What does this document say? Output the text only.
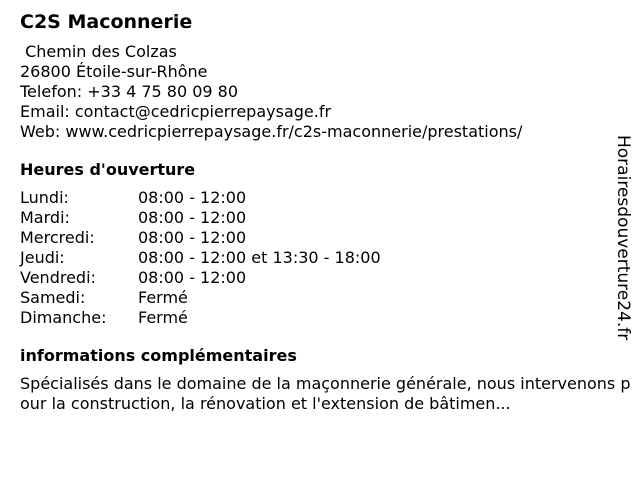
C2S Maconnerie
Chemin des Colzas
26800 Étoile-sur-Rhône
Telefon: +33 4 75 80 09 80
Email: contact@cedricpierrepaysage.fr
Web: www.cedricpierrepaysage.fr/c2s-maconnerie/prestations/
Heures d'ouverture
Lundi:	08:00 - 12:00
Mardi:	08:00 - 12:00
Mercredi:	08:00 - 12:00
Jeudi:	08:00 - 12:00 et 13:30 - 18:00
Vendredi:	08:00 - 12:00
Samedi:	Fermé
Dimanche:	Fermé
informations complémentaires
Spécialisés dans le domaine de la maçonnerie générale, nous intervenons pour la construction, la rénovation et l'extension de bâtimen...
Horairesdouverture24.fr
